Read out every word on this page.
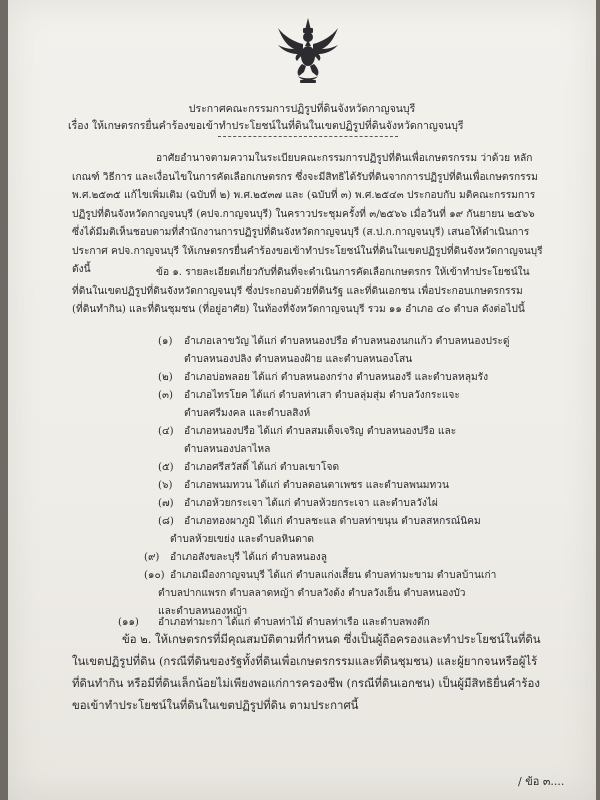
ประกาศคณะกรรมการปฏิรูปที่ดินจังหวัดกาญจนบุรี
เรื่อง ให้เกษตรกรยื่นคำร้องขอเข้าทำประโยชน์ในที่ดินในเขตปฏิรูปที่ดินจังหวัดกาญจนบุรี

อาศัยอำนาจตามความในระเบียบคณะกรรมการปฏิรูปที่ดินเพื่อเกษตรกรรม ว่าด้วย หลักเกณฑ์ วิธีการ และเงื่อนไขในการคัดเลือกเกษตรกร ซึ่งจะมีสิทธิได้รับที่ดินจากการปฏิรูปที่ดินเพื่อเกษตรกรรม พ.ศ.๒๕๓๕ แก้ไขเพิ่มเติม (ฉบับที่ ๒) พ.ศ.๒๕๓๗ และ (ฉบับที่ ๓) พ.ศ.๒๕๔๓ ประกอบกับ มติคณะกรรมการปฏิรูปที่ดินจังหวัดกาญจนบุรี (คปจ.กาญจนบุรี) ในคราวประชุมครั้งที่ ๓/๒๕๖๖ เมื่อวันที่ ๑๙ กันยายน ๒๕๖๖ ซึ่งได้มีมติเห็นชอบตามที่สำนักงานการปฏิรูปที่ดินจังหวัดกาญจนบุรี (ส.ป.ก.กาญจนบุรี) เสนอให้ดำเนินการประกาศ คปจ.กาญจนบุรี ให้เกษตรกรยื่นคำร้องขอเข้าทำประโยชน์ในที่ดินในเขตปฏิรูปที่ดินจังหวัดกาญจนบุรี ดังนี้	ข้อ ๑. รายละเอียดเกี่ยวกับที่ดินที่จะดำเนินการคัดเลือกเกษตรกร ให้เข้าทำประโยชน์ในที่ดินในเขตปฏิรูปที่ดินจังหวัดกาญจนบุรี ซึ่งประกอบด้วยที่ดินรัฐ และที่ดินเอกชน เพื่อประกอบเกษตรกรรม (ที่ดินทำกิน) และที่ดินชุมชน (ที่อยู่อาศัย) ในท้องที่จังหวัดกาญจนบุรี รวม ๑๑ อำเภอ ๔๐ ตำบล ดังต่อไปนี้

(๑)	อำเภอเลาขวัญ ได้แก่ ตำบลหนองปรือ ตำบลหนองนกแก้ว ตำบลหนองประดู่
ตำบลหนองปลิง ตำบลหนองฝ้าย และตำบลหนองโสน
(๒)	อำเภอบ่อพลอย ได้แก่ ตำบลหนองกร่าง ตำบลหนองรี และตำบลหลุมรัง
(๓)	อำเภอไทรโยค ได้แก่ ตำบลท่าเสา ตำบลลุ่มสุ่ม ตำบลวังกระแจะ
ตำบลศรีมงคล และตำบลสิงห์
(๔)	อำเภอหนองปรือ ได้แก่ ตำบลสมเด็จเจริญ ตำบลหนองปรือ และ
ตำบลหนองปลาไหล
(๕)	อำเภอศรีสวัสดิ์ ได้แก่ ตำบลเขาโจด
(๖)	อำเภอพนมทวน ได้แก่ ตำบลดอนตาเพชร และตำบลพนมทวน
(๗)	อำเภอห้วยกระเจา ได้แก่ ตำบลห้วยกระเจา และตำบลวังไผ่
(๘) อำเภอทองผาภูมิ ได้แก่ ตำบลชะแล ตำบลท่าขนุน ตำบลสหกรณ์นิคม
ตำบลห้วยเขย่ง และตำบลหินดาด
(๙)	อำเภอสังขละบุรี ได้แก่ ตำบลหนองลู
(๑๐) อำเภอเมืองกาญจนบุรี ได้แก่ ตำบลแก่งเสี้ยน ตำบลท่ามะขาม ตำบลบ้านเก่า
ตำบลปากแพรก ตำบลลาดหญ้า ตำบลวังด้ง ตำบลวังเย็น ตำบลหนองบัว
และตำบลหนองหญ้า
(๑๑)	อำเภอท่ามะกา ได้แก่ ตำบลท่าไม้ ตำบลท่าเรือ และตำบลพงตึก

ข้อ ๒. ให้เกษตรกรที่มีคุณสมบัติตามที่กำหนด ซึ่งเป็นผู้ถือครองและทำประโยชน์ในที่ดิน ในเขตปฏิรูปที่ดิน (กรณีที่ดินของรัฐทั้งที่ดินเพื่อเกษตรกรรมและที่ดินชุมชน) และผู้ยากจนหรือผู้ไร้ที่ดินทำกิน หรือมีที่ดินเล็กน้อยไม่เพียงพอแก่การครองชีพ (กรณีที่ดินเอกชน) เป็นผู้มีสิทธิยื่นคำร้องขอเข้าทำประโยชน์ในที่ดินในเขตปฏิรูปที่ดิน ตามประกาศนี้

/ ข้อ ๓....
